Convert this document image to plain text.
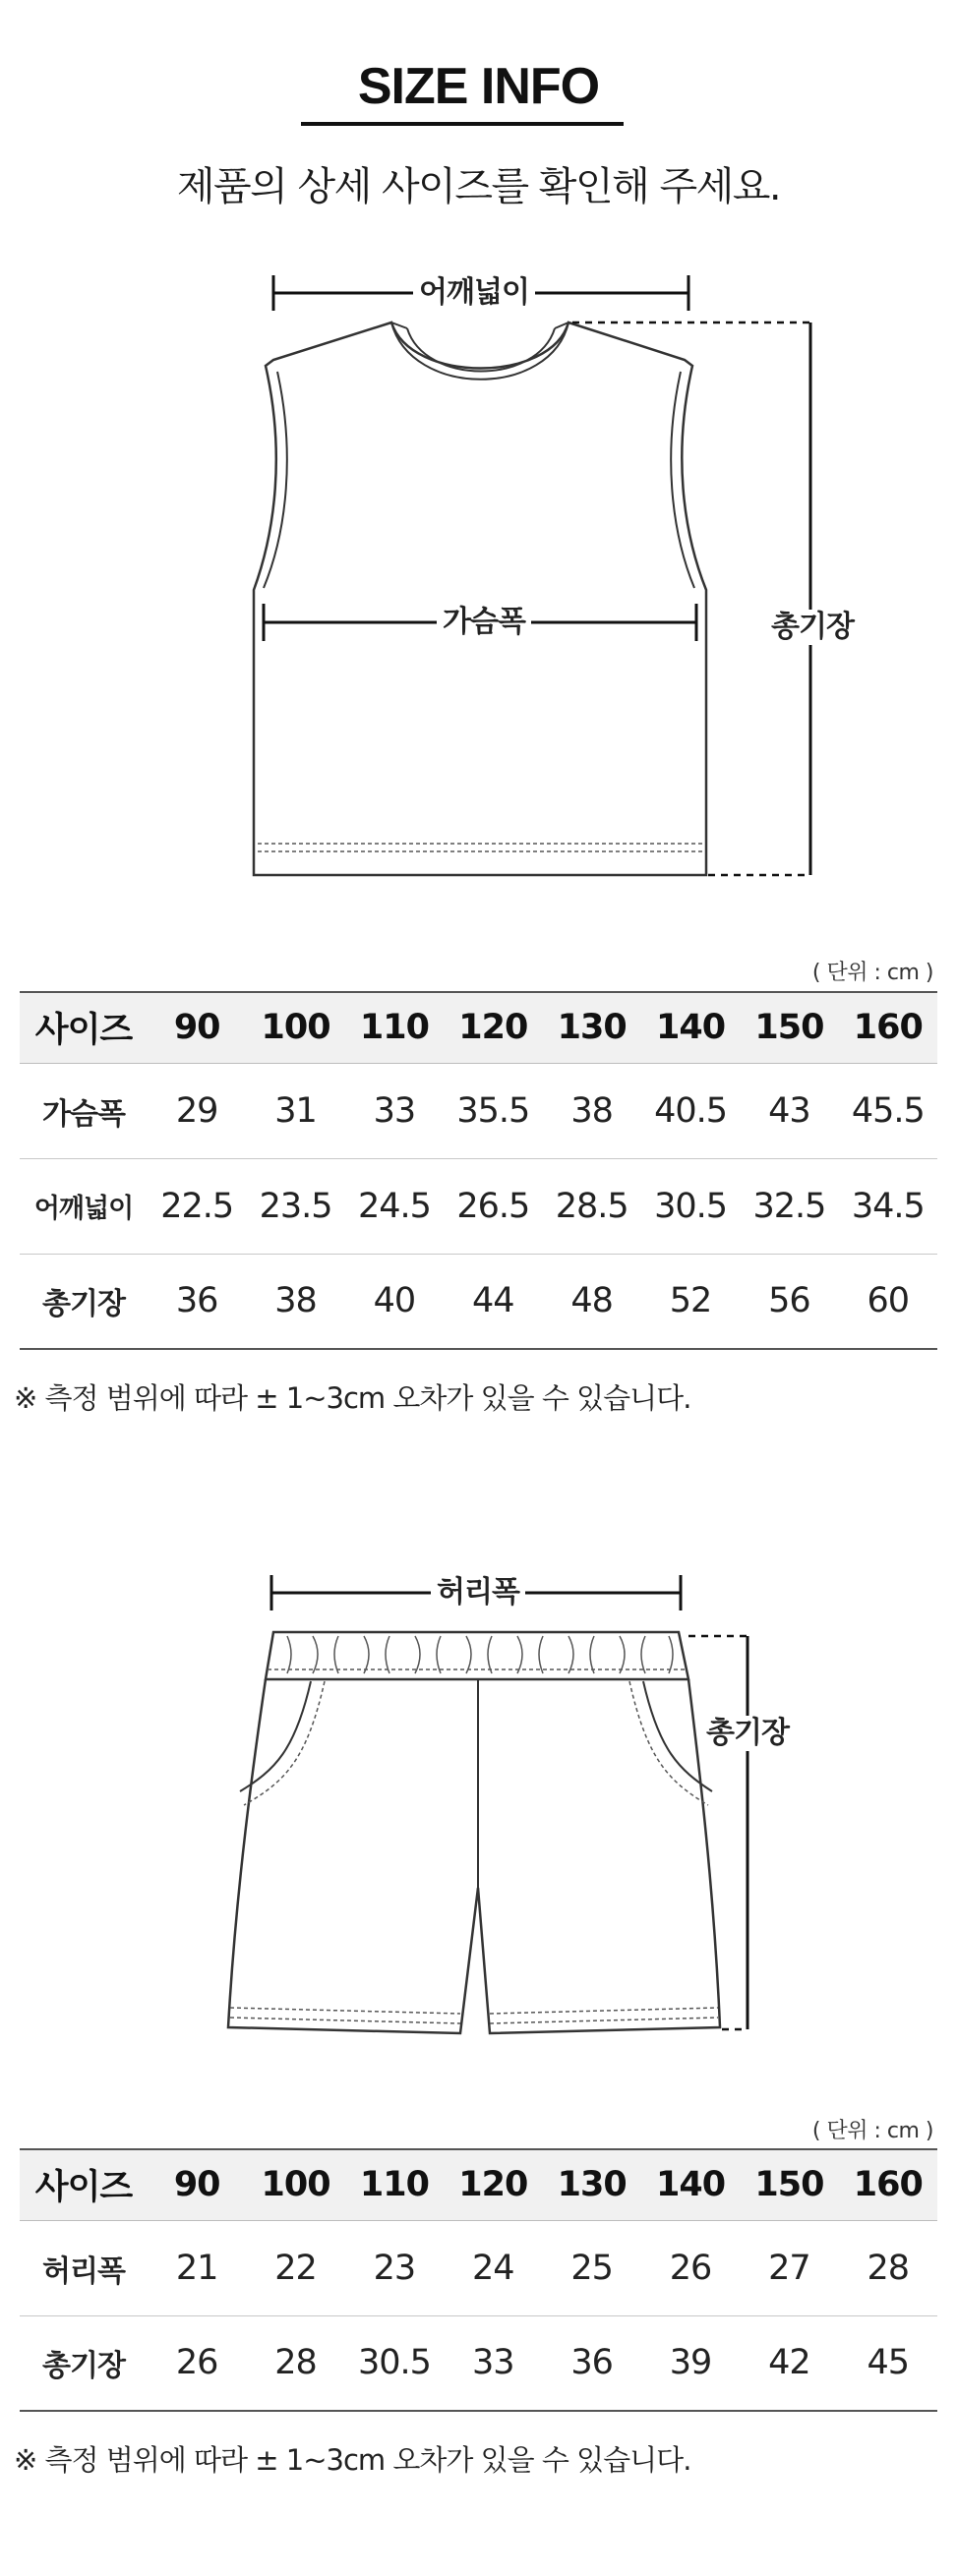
SIZE INFO
제품의 상세 사이즈를 확인해 주세요.
어깨넓이
가슴폭	총기장
( 단위 : cm )
사이즈	90	100	110	120	130	140	150	160
가슴폭	29	31	33	35.5	38	40.5	43	45.5
어깨넓이	22.5	23.5	24.5	26.5	28.5	30.5	32.5	34.5
총기장	36	38	40	44	48	52	56	60
※ 측정 범위에 따라 ± 1~3cm 오차가 있을 수 있습니다.
허리폭
총기장
( 단위 : cm )
사이즈	90	100	110	120	130	140	150	160
허리폭	21	22	23	24	25	26	27	28
총기장	26	28	30.5	33	36	39	42	45
※ 측정 범위에 따라 ± 1~3cm 오차가 있을 수 있습니다.
